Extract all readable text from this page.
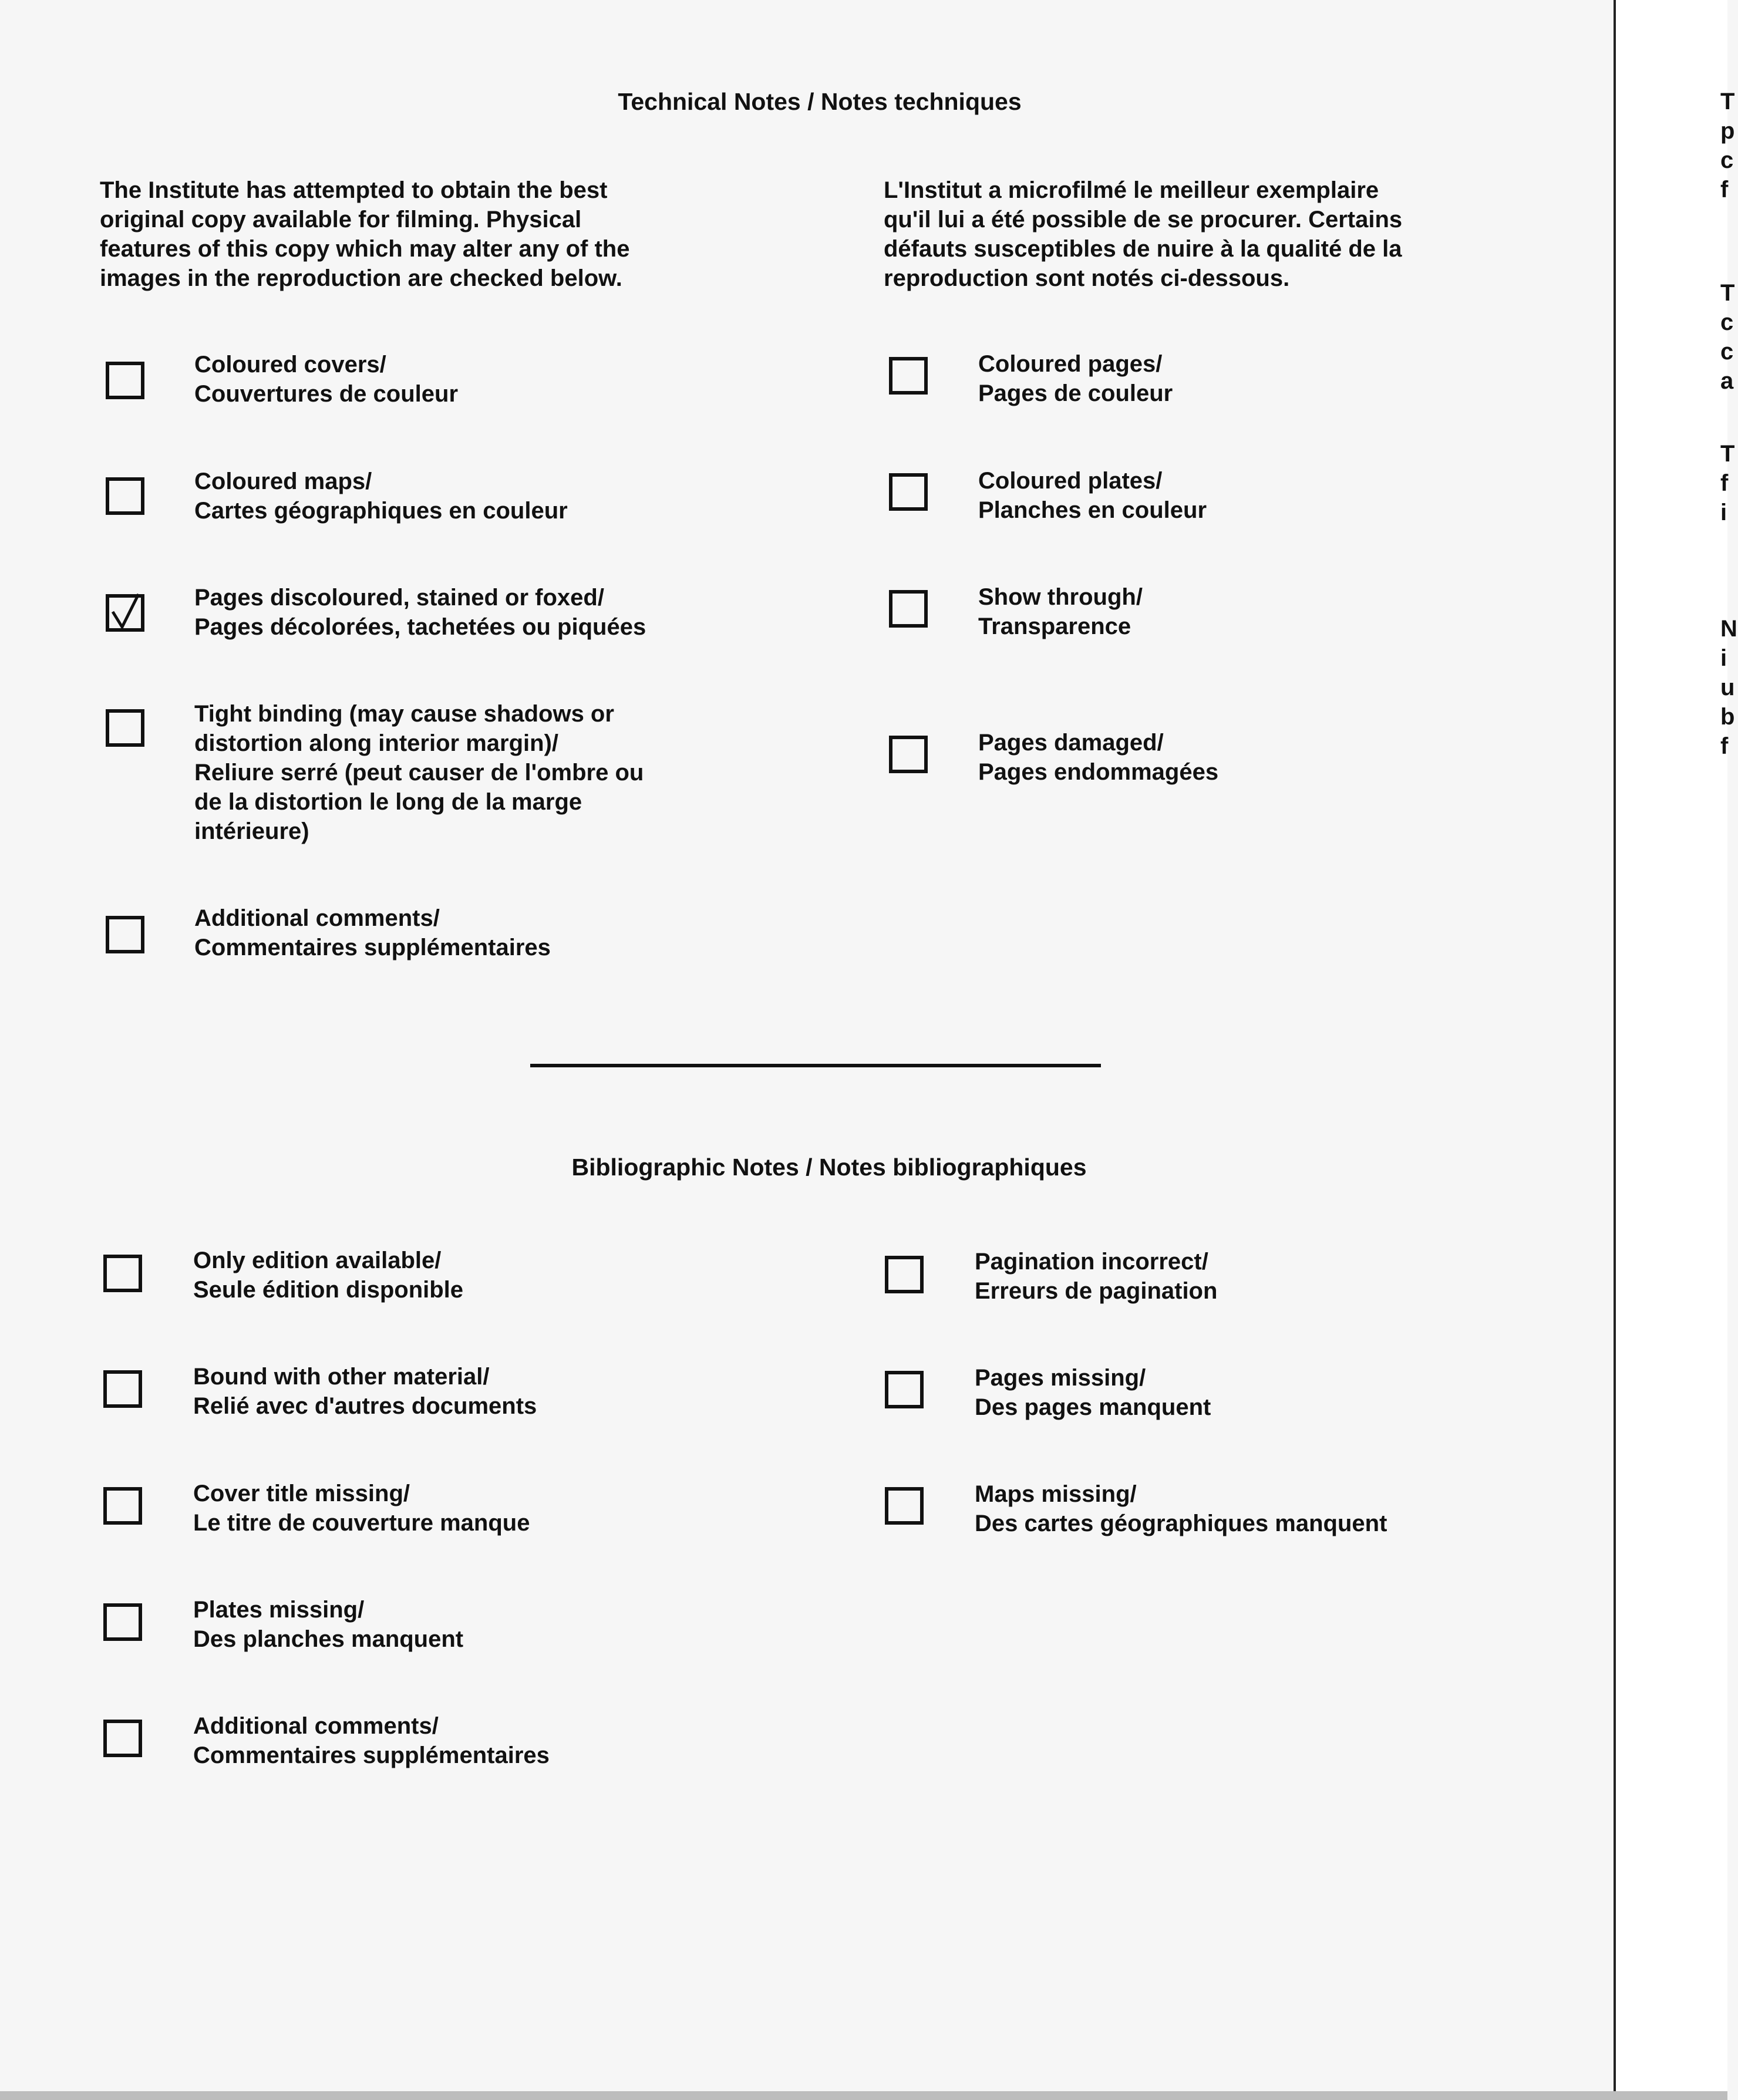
Technical Notes / Notes techniques
The Institute has attempted to obtain the best
original copy available for filming. Physical
features of this copy which may alter any of the
images in the reproduction are checked below.
L'Institut a microfilmé le meilleur exemplaire
qu'il lui a été possible de se procurer. Certains
défauts susceptibles de nuire à la qualité de la
reproduction sont notés ci-dessous.
Coloured covers/
Couvertures de couleur
Coloured maps/
Cartes géographiques en couleur
Pages discoloured, stained or foxed/
Pages décolorées, tachetées ou piquées
Tight binding (may cause shadows or
distortion along interior margin)/
Reliure serré (peut causer de l'ombre ou
de la distortion le long de la marge
intérieure)
Additional comments/
Commentaires supplémentaires
Coloured pages/
Pages de couleur
Coloured plates/
Planches en couleur
Show through/
Transparence
Pages damaged/
Pages endommagées
Bibliographic Notes / Notes bibliographiques
Only edition available/
Seule édition disponible
Bound with other material/
Relié avec d'autres documents
Cover title missing/
Le titre de couverture manque
Plates missing/
Des planches manquent
Additional comments/
Commentaires supplémentaires
Pagination incorrect/
Erreurs de pagination
Pages missing/
Des pages manquent
Maps missing/
Des cartes géographiques manquent
T
p
c
f
T
c
c
a
T
f
i
N
i
u
b
f
